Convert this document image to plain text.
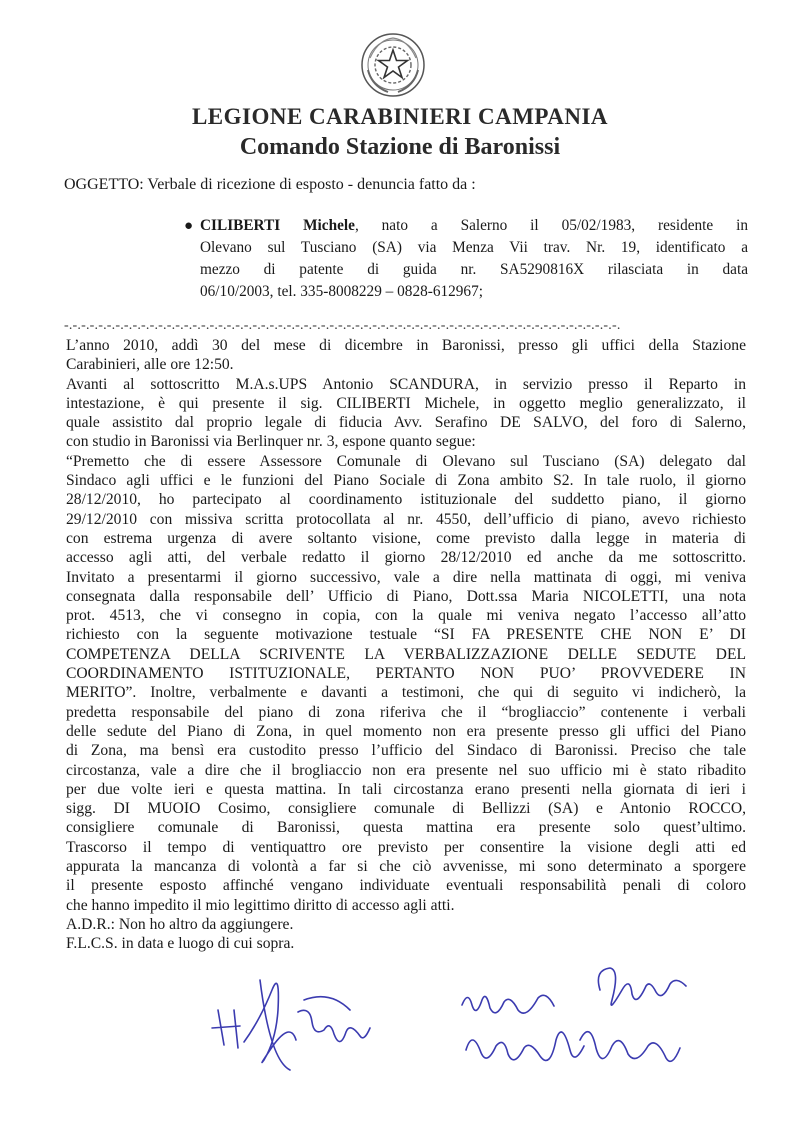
LEGIONE CARABINIERI CAMPANIA
Comando Stazione di Baronissi
OGGETTO: Verbale di ricezione di esposto - denuncia fatto da :
● CILIBERTI Michele, nato a Salerno il 05/02/1983, residente in
Olevano sul Tusciano (SA) via Menza Vii trav. Nr. 19, identificato a
mezzo di patente di guida nr. SA5290816X rilasciata in data
06/10/2003, tel. 335-8008229 – 0828-612967;
-.-.-.-.-.-.-.-.-.-.-.-.-.-.-.-.-.-.-.-.-.-.-.-.-.-.-.-.-.-.-.-.-.-.-.-.-.-.-.-.-.-.-.-.-.-.-.-.-.-.-.-.-.-.-.-.-.-.-.-.-.-.-.-.-.
L’anno 2010, addì 30 del mese di dicembre in Baronissi, presso gli uffici della Stazione
Carabinieri, alle ore 12:50.
Avanti al sottoscritto M.A.s.UPS Antonio SCANDURA, in servizio presso il Reparto in
intestazione, è qui presente il sig. CILIBERTI Michele, in oggetto meglio generalizzato, il
quale assistito dal proprio legale di fiducia Avv. Serafino DE SALVO, del foro di Salerno,
con studio in Baronissi via Berlinquer nr. 3, espone quanto segue:
“Premetto che di essere Assessore Comunale di Olevano sul Tusciano (SA) delegato dal
Sindaco agli uffici e le funzioni del Piano Sociale di Zona ambito S2. In tale ruolo, il giorno
28/12/2010, ho partecipato al coordinamento istituzionale del suddetto piano, il giorno
29/12/2010 con missiva scritta protocollata al nr. 4550, dell’ufficio di piano, avevo richiesto
con estrema urgenza di avere soltanto visione, come previsto dalla legge in materia di
accesso agli atti, del verbale redatto il giorno 28/12/2010 ed anche da me sottoscritto.
Invitato a presentarmi il giorno successivo, vale a dire nella mattinata di oggi, mi veniva
consegnata dalla responsabile dell’ Ufficio di Piano, Dott.ssa Maria NICOLETTI, una nota
prot. 4513, che vi consegno in copia, con la quale mi veniva negato l’accesso all’atto
richiesto con la seguente motivazione testuale “SI FA PRESENTE CHE NON E’ DI
COMPETENZA DELLA SCRIVENTE LA VERBALIZZAZIONE DELLE SEDUTE DEL
COORDINAMENTO ISTITUZIONALE, PERTANTO NON PUO’ PROVVEDERE IN
MERITO”. Inoltre, verbalmente e davanti a testimoni, che qui di seguito vi indicherò, la
predetta responsabile del piano di zona riferiva che il “brogliaccio” contenente i verbali
delle sedute del Piano di Zona, in quel momento non era presente presso gli uffici del Piano
di Zona, ma bensì era custodito presso l’ufficio del Sindaco di Baronissi. Preciso che tale
circostanza, vale a dire che il brogliaccio non era presente nel suo ufficio mi è stato ribadito
per due volte ieri e questa mattina. In tali circostanza erano presenti nella giornata di ieri i
sigg. DI MUOIO Cosimo, consigliere comunale di Bellizzi (SA) e Antonio ROCCO,
consigliere comunale di Baronissi, questa mattina era presente solo quest’ultimo.
Trascorso il tempo di ventiquattro ore previsto per consentire la visione degli atti ed
appurata la mancanza di volontà a far si che ciò avvenisse, mi sono determinato a sporgere
il presente esposto affinché vengano individuate eventuali responsabilità penali di coloro
che hanno impedito il mio legittimo diritto di accesso agli atti.
A.D.R.: Non ho altro da aggiungere.
F.L.C.S. in data e luogo di cui sopra.
